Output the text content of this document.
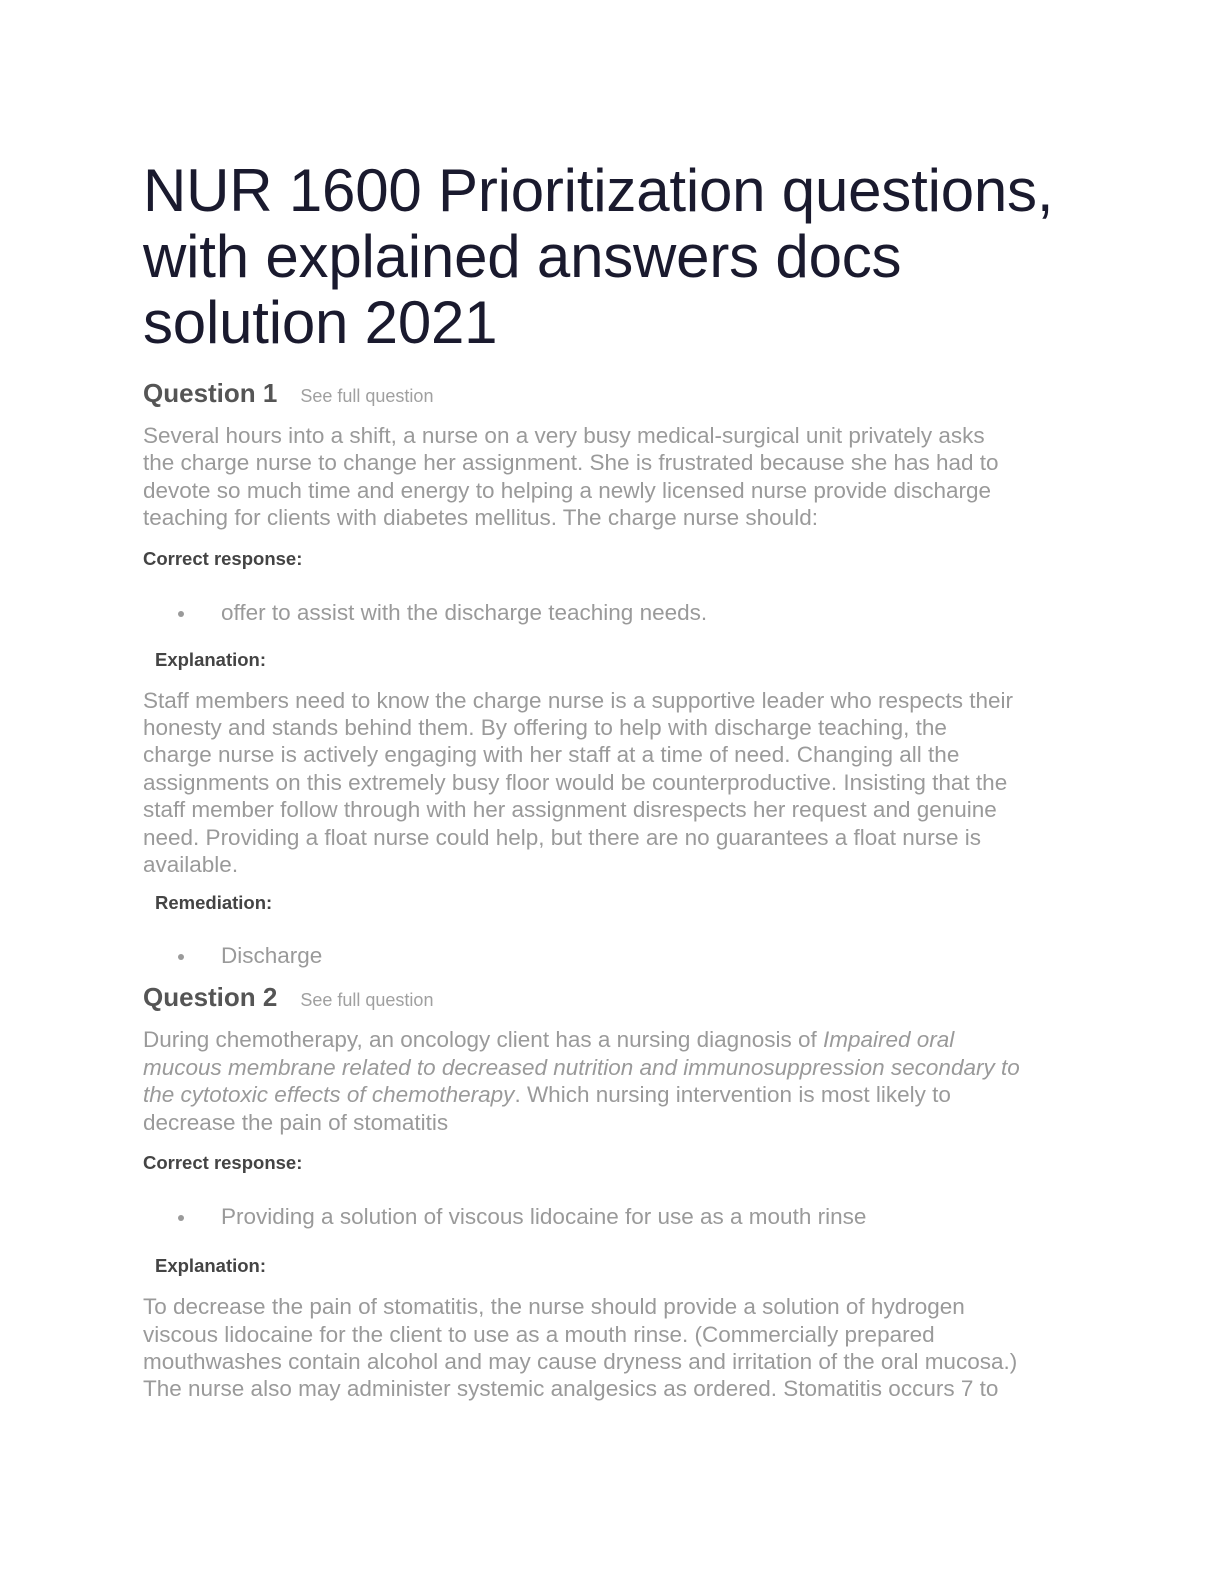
NUR 1600 Prioritization questions,
with explained answers docs
solution 2021
Question 1 See full question

Several hours into a shift, a nurse on a very busy medical-surgical unit privately asks
the charge nurse to change her assignment. She is frustrated because she has had to
devote so much time and energy to helping a newly licensed nurse provide discharge
teaching for clients with diabetes mellitus. The charge nurse should:

Correct response:

offer to assist with the discharge teaching needs.

Explanation:

Staff members need to know the charge nurse is a supportive leader who respects their
honesty and stands behind them. By offering to help with discharge teaching, the
charge nurse is actively engaging with her staff at a time of need. Changing all the
assignments on this extremely busy floor would be counterproductive. Insisting that the
staff member follow through with her assignment disrespects her request and genuine
need. Providing a float nurse could help, but there are no guarantees a float nurse is
available.

Remediation:

Discharge

Question 2 See full question

During chemotherapy, an oncology client has a nursing diagnosis of Impaired oral
mucous membrane related to decreased nutrition and immunosuppression secondary to
the cytotoxic effects of chemotherapy. Which nursing intervention is most likely to
decrease the pain of stomatitis

Correct response:

Providing a solution of viscous lidocaine for use as a mouth rinse

Explanation:

To decrease the pain of stomatitis, the nurse should provide a solution of hydrogen
viscous lidocaine for the client to use as a mouth rinse. (Commercially prepared
mouthwashes contain alcohol and may cause dryness and irritation of the oral mucosa.)
The nurse also may administer systemic analgesics as ordered. Stomatitis occurs 7 to
